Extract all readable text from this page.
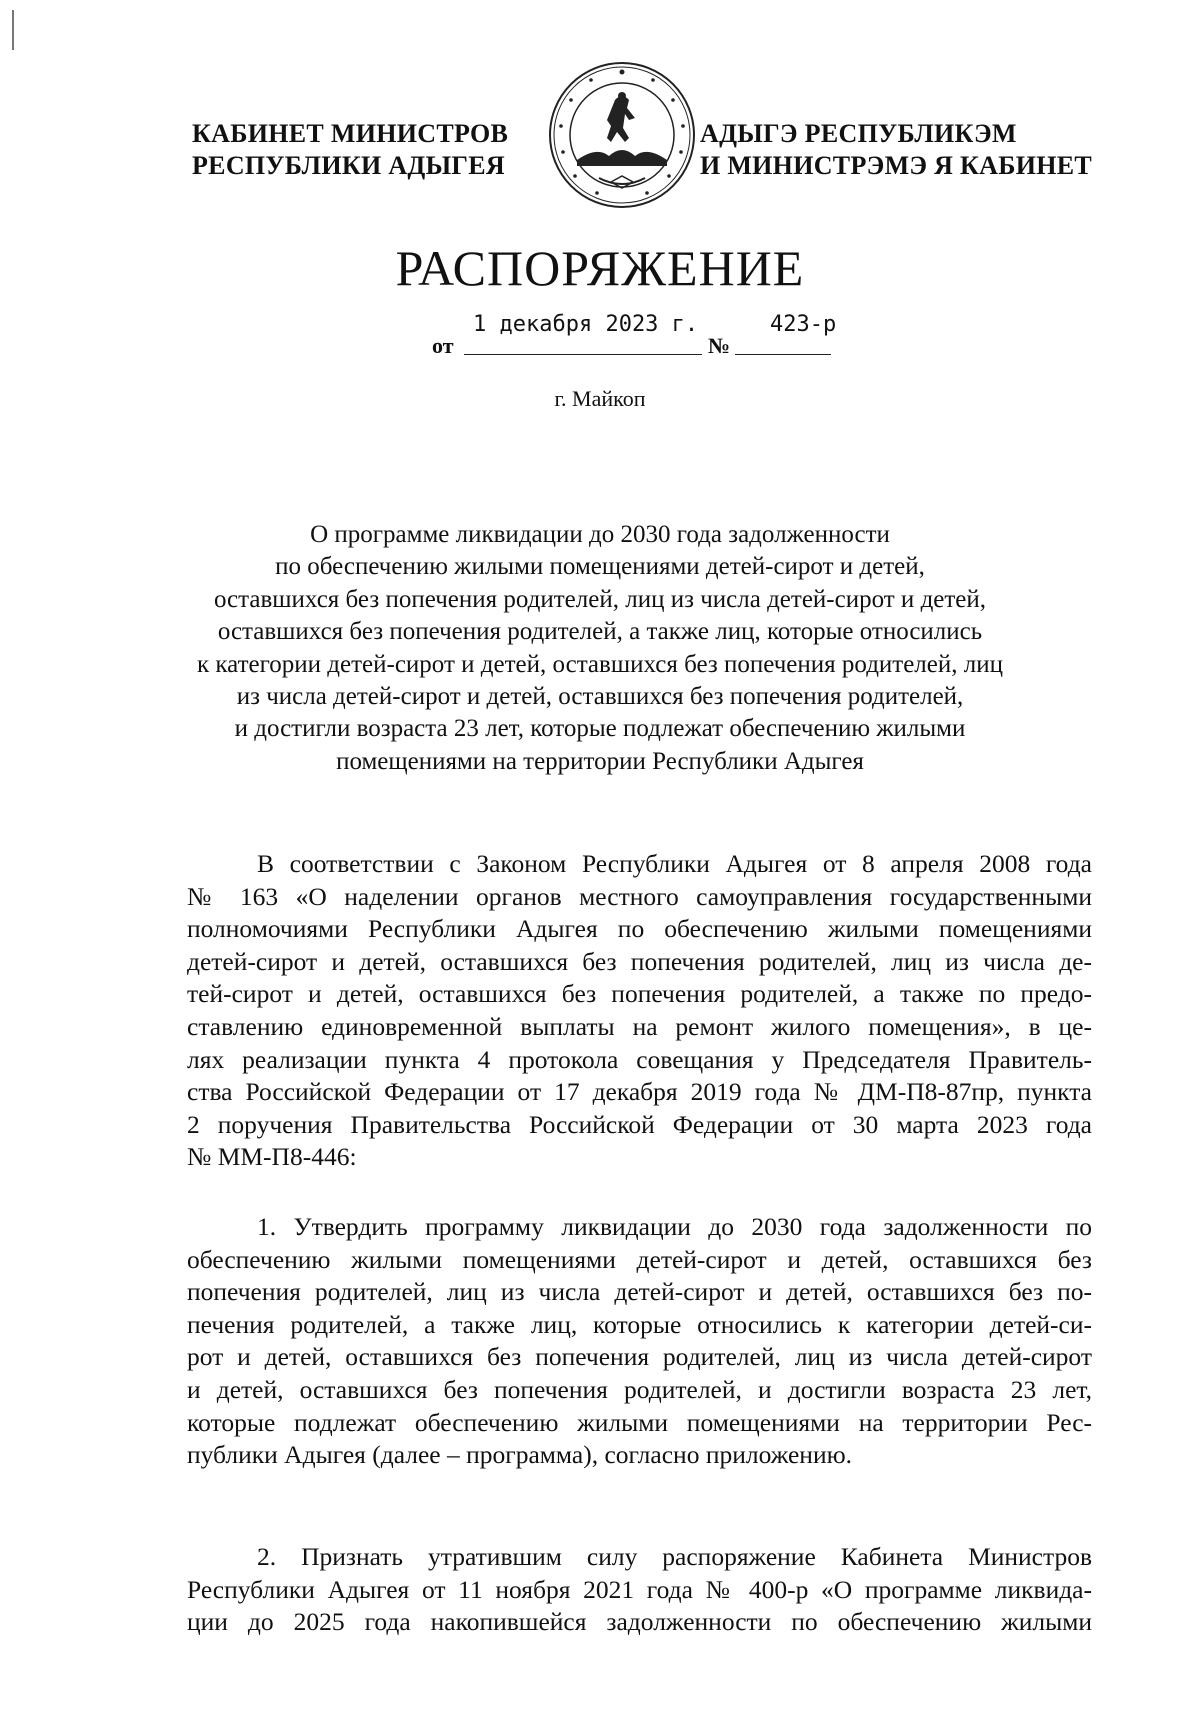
КАБИНЕТ МИНИСТРОВ
РЕСПУБЛИКИ АДЫГЕЯ
АДЫГЭ РЕСПУБЛИКЭМ
И МИНИСТРЭМЭ Я КАБИНЕТ
РАСПОРЯЖЕНИЕ
от
1 декабря 2023 г.
№
423-р
г. Майкоп
О программе ликвидации до 2030 года задолженности
по обеспечению жилыми помещениями детей-сирот и детей,
оставшихся без попечения родителей, лиц из числа детей-сирот и детей,
оставшихся без попечения родителей, а также лиц, которые относились
к категории детей-сирот и детей, оставшихся без попечения родителей, лиц
из числа детей-сирот и детей, оставшихся без попечения родителей,
и достигли возраста 23 лет, которые подлежат обеспечению жилыми
помещениями на территории Республики Адыгея
В соответствии с Законом Республики Адыгея от 8 апреля 2008 года
№ 163 «О наделении органов местного самоуправления государственными
полномочиями Республики Адыгея по обеспечению жилыми помещениями
детей-сирот и детей, оставшихся без попечения родителей, лиц из числа де-
тей-сирот и детей, оставшихся без попечения родителей, а также по предо-
ставлению единовременной выплаты на ремонт жилого помещения», в це-
лях реализации пункта 4 протокола совещания у Председателя Правитель-
ства Российской Федерации от 17 декабря 2019 года № ДМ-П8-87пр, пункта
2 поручения Правительства Российской Федерации от 30 марта 2023 года
№ ММ-П8-446:
1. Утвердить программу ликвидации до 2030 года задолженности по
обеспечению жилыми помещениями детей-сирот и детей, оставшихся без
попечения родителей, лиц из числа детей-сирот и детей, оставшихся без по-
печения родителей, а также лиц, которые относились к категории детей-си-
рот и детей, оставшихся без попечения родителей, лиц из числа детей-сирот
и детей, оставшихся без попечения родителей, и достигли возраста 23 лет,
которые подлежат обеспечению жилыми помещениями на территории Рес-
публики Адыгея (далее – программа), согласно приложению.
2. Признать утратившим силу распоряжение Кабинета Министров
Республики Адыгея от 11 ноября 2021 года № 400-р «О программе ликвида-
ции до 2025 года накопившейся задолженности по обеспечению жилыми
